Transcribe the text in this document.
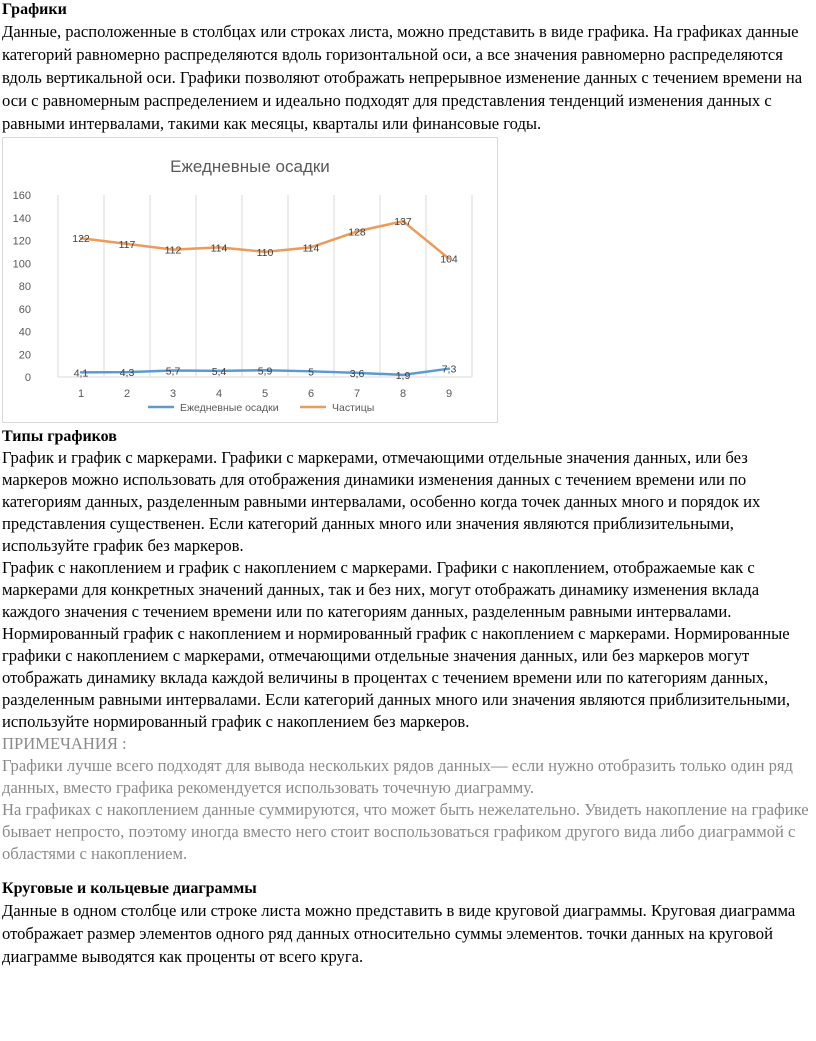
Графики

Данные, расположенные в столбцах или строках листа, можно представить в виде графика. На графиках данные категорий равномерно распределяются вдоль горизонтальной оси, а все значения равномерно распределяются вдоль вертикальной оси. Графики позволяют отображать непрерывное изменение данных с течением времени на оси с равномерным распределением и идеально подходят для представления тенденций изменения данных с равными интервалами, такими как месяцы, кварталы или финансовые годы.

Ежедневные осадки
0
20
40
60
80
100
120
140
160
1	2	3	4	5	6	7	8	9
4,1	4,3	5,7	5,4	5,9	5	3,6	1,9
7,3
122	117	112	114	110	114
128
137
104
Ежедневные осадки	Частицы
Типы графиков

График и график с маркерами. Графики с маркерами, отмечающими отдельные значения данных, или без маркеров можно использовать для отображения динамики изменения данных с течением времени или по категориям данных, разделенным равными интервалами, особенно когда точек данных много и порядок их представления существенен. Если категорий данных много или значения являются приблизительными, используйте график без маркеров.

График с накоплением и график с накоплением с маркерами. Графики с накоплением, отображаемые как с маркерами для конкретных значений данных, так и без них, могут отображать динамику изменения вклада каждого значения с течением времени или по категориям данных, разделенным равными интервалами.

Нормированный график с накоплением и нормированный график с накоплением с маркерами. Нормированные графики с накоплением с маркерами, отмечающими отдельные значения данных, или без маркеров могут отображать динамику вклада каждой величины в процентах с течением времени или по категориям данных, разделенным равными интервалами. Если категорий данных много или значения являются приблизительными, используйте нормированный график с накоплением без маркеров.

ПРИМЕЧАНИЯ :

Графики лучше всего подходят для вывода нескольких рядов данных— если нужно отобразить только один ряд данных, вместо графика рекомендуется использовать точечную диаграмму.

На графиках с накоплением данные суммируются, что может быть нежелательно. Увидеть накопление на графике бывает непросто, поэтому иногда вместо него стоит воспользоваться графиком другого вида либо диаграммой с областями с накоплением.

Круговые и кольцевые диаграммы

Данные в одном столбце или строке листа можно представить в виде круговой диаграммы. Круговая диаграмма отображает размер элементов одного ряд данных относительно суммы элементов. точки данных на круговой диаграмме выводятся как проценты от всего круга.
